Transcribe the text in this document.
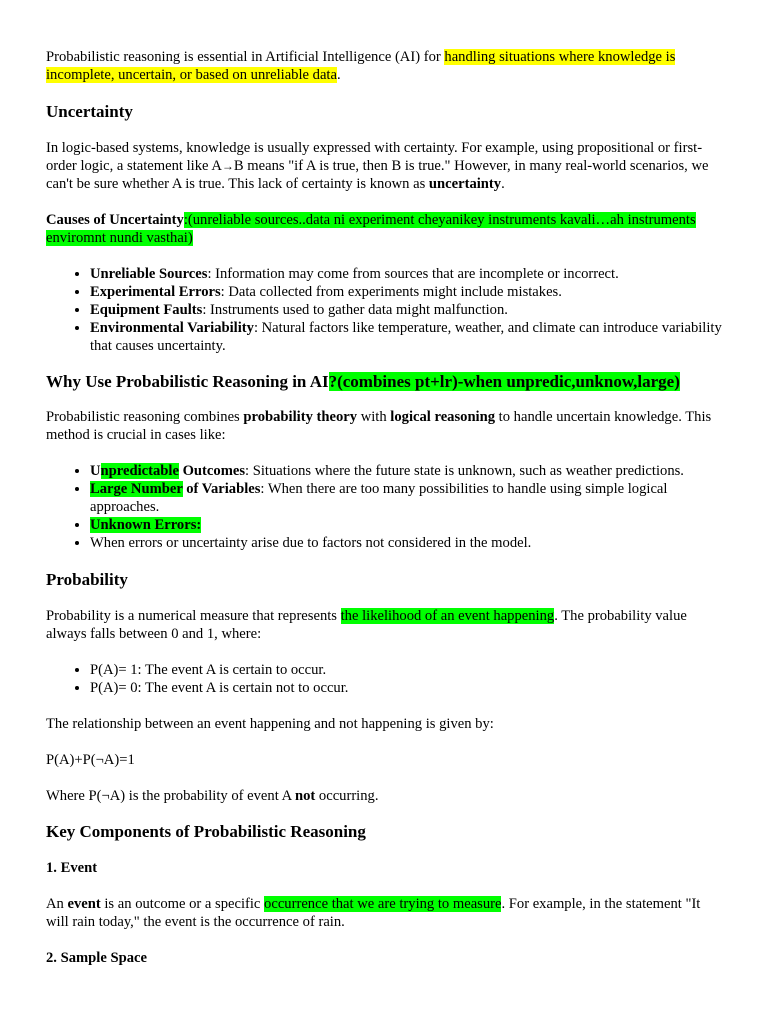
Probabilistic reasoning is essential in Artificial Intelligence (AI) for handling situations where knowledge is incomplete, uncertain, or based on unreliable data.

Uncertainty

In logic-based systems, knowledge is usually expressed with certainty. For example, using propositional or first-order logic, a statement like A→B means "if A is true, then B is true." However, in many real-world scenarios, we can't be sure whether A is true. This lack of certainty is known as uncertainty.

Causes of Uncertainty:(unreliable sources..data ni experiment cheyanikey instruments kavali…ah instruments enviromnt nundi vasthai)

• Unreliable Sources: Information may come from sources that are incomplete or incorrect.
• Experimental Errors: Data collected from experiments might include mistakes.
• Equipment Faults: Instruments used to gather data might malfunction.
• Environmental Variability: Natural factors like temperature, weather, and climate can introduce variability that causes uncertainty.
Why Use Probabilistic Reasoning in AI?(combines pt+lr)-when unpredic,unknow,large)

Probabilistic reasoning combines probability theory with logical reasoning to handle uncertain knowledge. This method is crucial in cases like:

• Unpredictable Outcomes: Situations where the future state is unknown, such as weather predictions.
• Large Number of Variables: When there are too many possibilities to handle using simple logical approaches.
• Unknown Errors:
• When errors or uncertainty arise due to factors not considered in the model.
Probability

Probability is a numerical measure that represents the likelihood of an event happening. The probability value always falls between 0 and 1, where:

• P(A)= 1: The event A is certain to occur.
• P(A)= 0: The event A is certain not to occur.

The relationship between an event happening and not happening is given by:

P(A)+P(¬A)=1

Where P(¬A) is the probability of event A not occurring.

Key Components of Probabilistic Reasoning
1. Event

An event is an outcome or a specific occurrence that we are trying to measure. For example, in the statement "It will rain today," the event is the occurrence of rain.

2. Sample Space
